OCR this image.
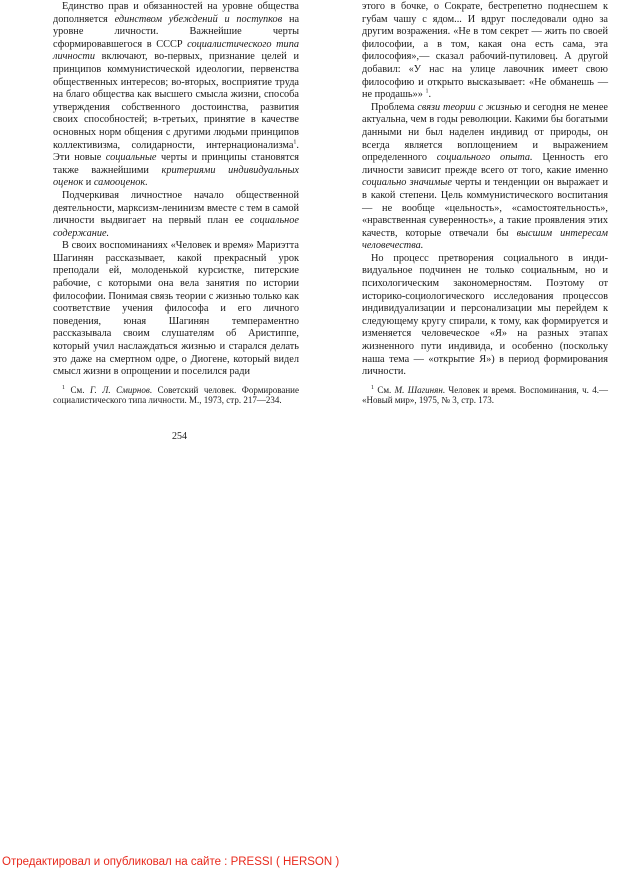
Единство прав и обязанностей на уровне общества дополняется единством убеждений и поступков на уровне личности. Важнейшие черты сформировавшегося в СССР социалистического типа личности включают, во-первых, признание целей и принципов коммунистической идеологии, первенства общественных интересов; во-вторых, восприятие труда на благо общества как высшего смысла жизни, способа утверждения собственного достоинства, развития своих способностей; в-третьих, принятие в качестве основных норм общения с другими людьми принципов коллективизма, солидарности, интернационализма$^1$. Эти новые социальные черты и принципы становятся также важнейшими критериями индивидуальных оценок и самооценок.

Подчеркивая личностное начало общественной деятельности, марксизм-ленинизм вместе с тем в самой личности выдвигает на первый план ее социальное содержание.

В своих воспоминаниях «Человек и время» Мариэтта Шагинян рассказывает, какой прекрасный урок преподали ей, молоденькой курсистке, питерские рабочие, с которыми она вела занятия по истории философии. Понимая связь теории с жизнью только как соответствие учения философа и его личного поведения, юная Шагинян темпераментно рассказывала своим слушателям об Аристиппе, который учил наслаждаться жизнью и старался делать это даже на смертном одре, о Диогене, который видел смысл жизни в опрощении и поселился ради

$^1$ См. Г. Л. Смирнов. Советский человек. Формирование социалистического типа личности. М., 1973, стр. 217—234.

этого в бочке, о Сократе, бестрепетно поднесшем к губам чашу с ядом... И вдруг последовали одно за другим возражения. «Не в том секрет — жить по своей философии, а в том, какая она есть сама, эта философия»,— сказал рабочий-путиловец. А другой добавил: «У нас на улице лавочник имеет свою философию и открыто высказывает: «Не обманешь — не продашь»» $^1$.

Проблема связи теории с жизнью и сегодня не менее актуальна, чем в годы революции. Какими бы богатыми данными ни был наделен индивид от природы, он всегда является воплощением и выражением определенного социального опыта. Ценность его личности зависит прежде всего от того, какие именно социально значимые черты и тенденции он выражает и в какой степени. Цель коммунистического воспитания — не вообще «цельность», «самостоятельность», «нравственная суверенность», а такие проявления этих качеств, которые отвечали бы высшим интересам человечества.

Но процесс претворения социального в индивидуальное подчинен не только социальным, но и психологическим закономерностям. Поэтому от историко-социологического исследования процессов индивидуализации и персонализации мы перейдем к следующему кругу спирали, к тому, как формируется и изменяется человеческое «Я» на разных этапах жизненного пути индивида, и особенно (поскольку наша тема — «открытие Я») в период формирования личности.

$^1$ См. М. Шагинян. Человек и время. Воспоминания, ч. 4.— «Новый мир», 1975, № 3, стр. 173.
254
Отредактировал и опубликовал на сайте : PRESSI ( HERSON )
